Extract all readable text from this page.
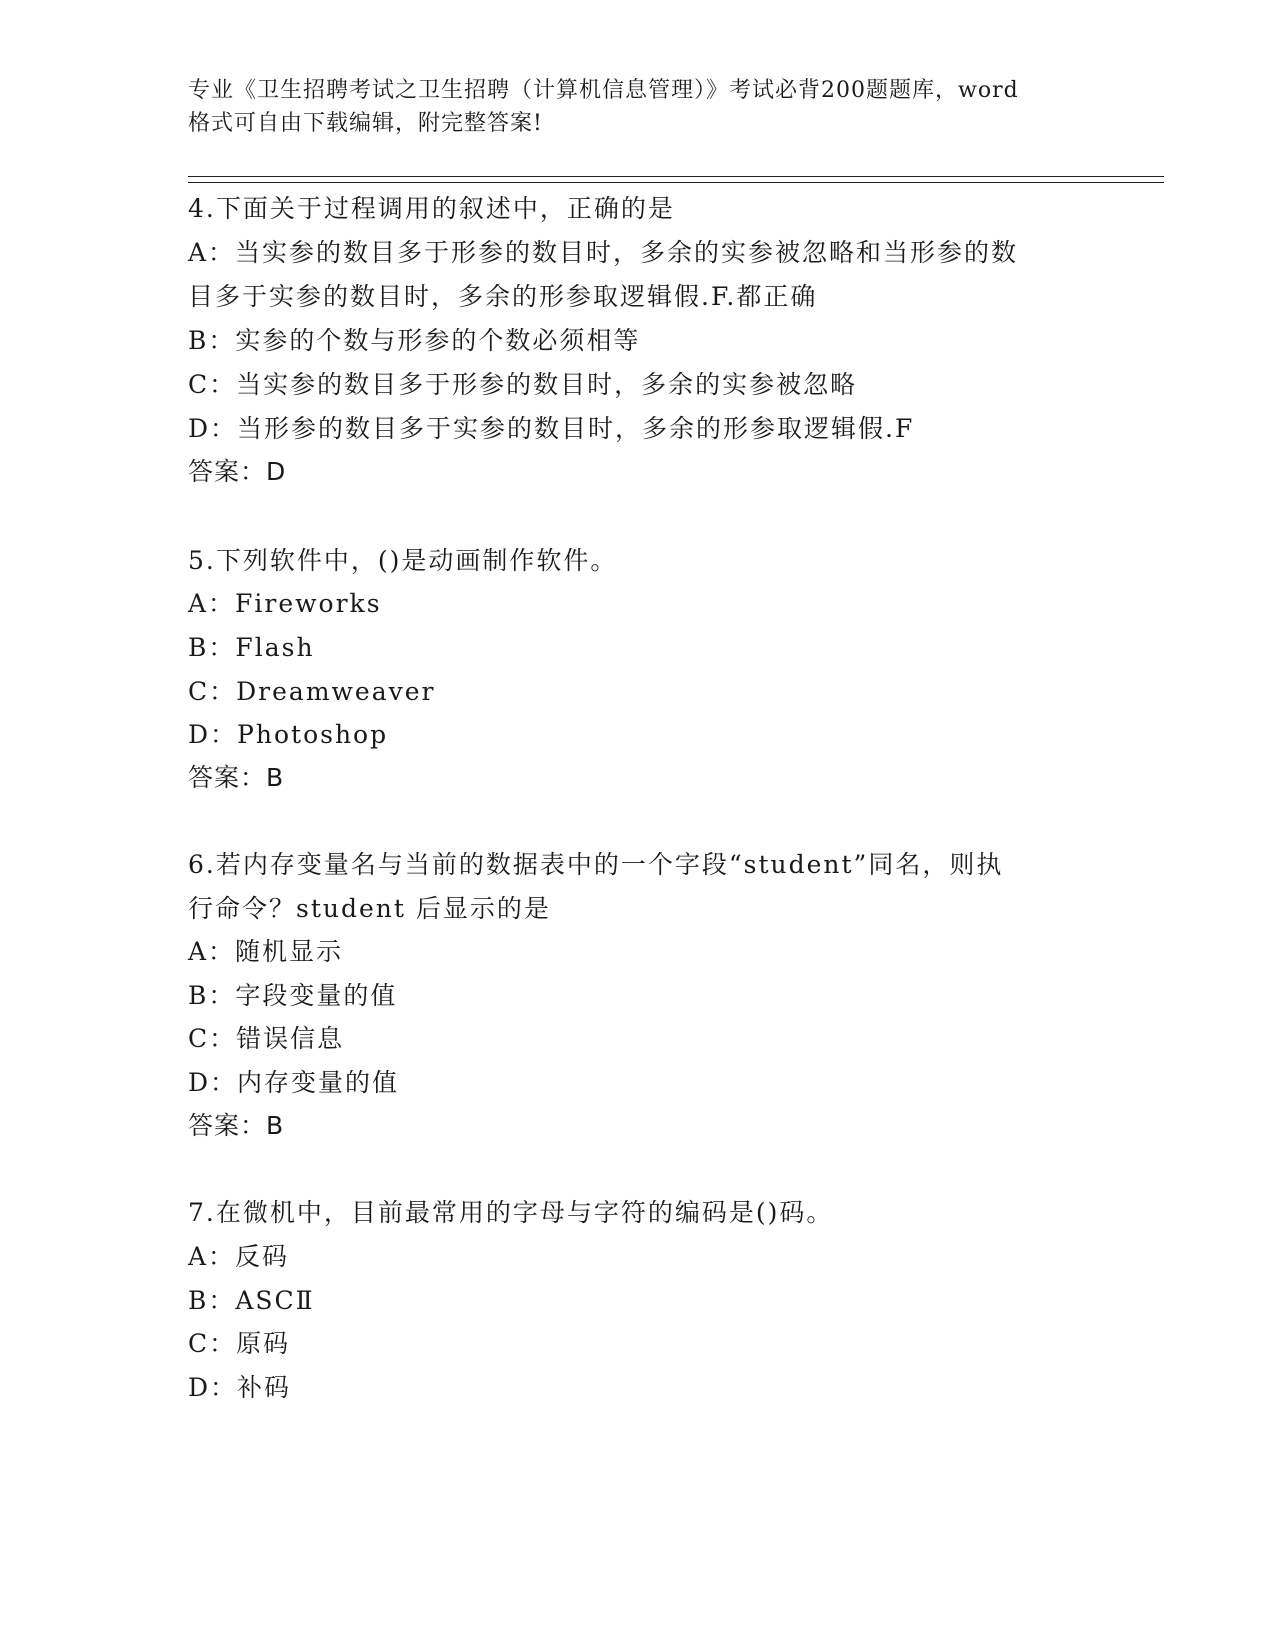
专业《卫生招聘考试之卫生招聘（计算机信息管理）》考试必背200题题库，word
格式可自由下载编辑，附完整答案!

4.下面关于过程调用的叙述中，正确的是

A：当实参的数目多于形参的数目时，多余的实参被忽略和当形参的数

目多于实参的数目时，多余的形参取逻辑假.F.都正确

B：实参的个数与形参的个数必须相等

C：当实参的数目多于形参的数目时，多余的实参被忽略

D：当形参的数目多于实参的数目时，多余的形参取逻辑假.F

答案：D

5.下列软件中，()是动画制作软件。

A：Fireworks

B：Flash

C：Dreamweaver

D：Photoshop

答案：B

6.若内存变量名与当前的数据表中的一个字段“student”同名，则执

行命令？student 后显示的是

A：随机显示

B：字段变量的值

C：错误信息

D：内存变量的值

答案：B

7.在微机中，目前最常用的字母与字符的编码是()码。

A：反码

B：ASCⅡ

C：原码

D：补码
